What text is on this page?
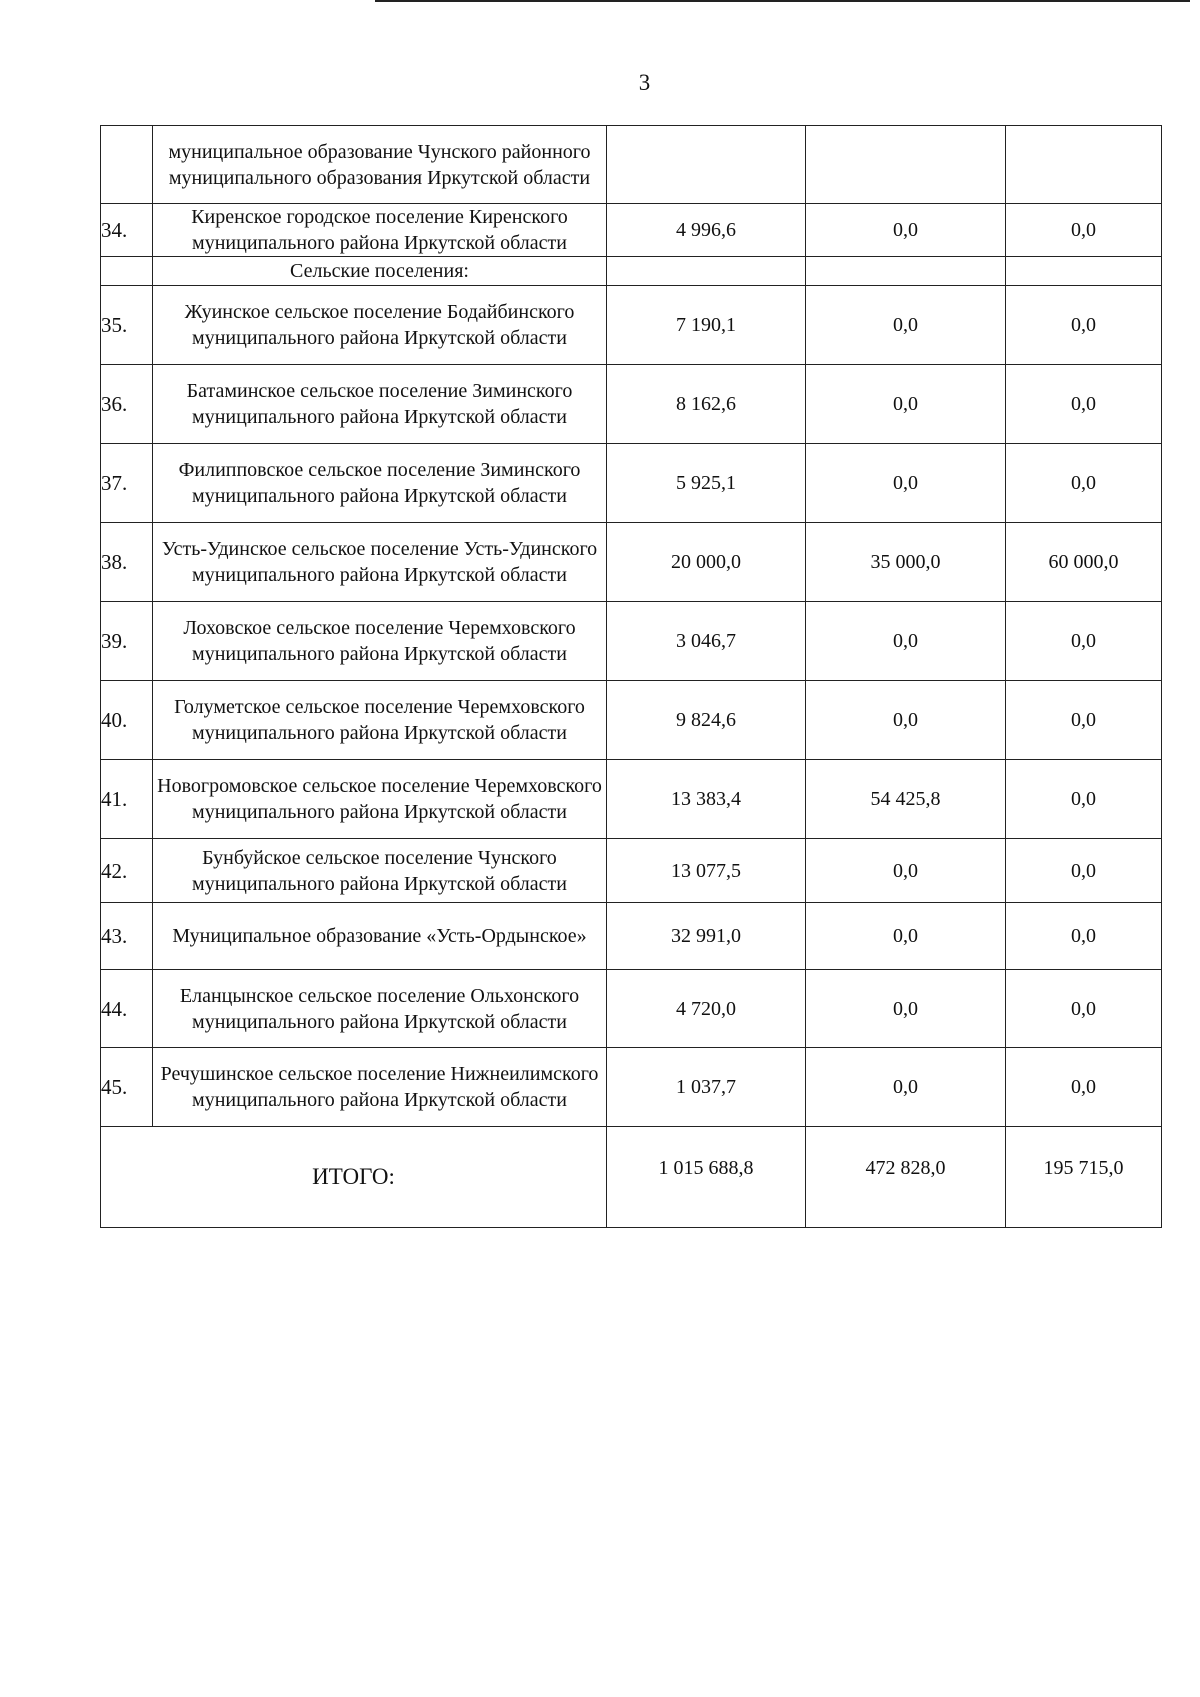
3
	муниципальное образование Чунского районного муниципального образования Иркутской области			
34.	Киренское городское поселение Киренского муниципального района Иркутской области	4 996,6	0,0	0,0
	Сельские поселения:			
35.	Жуинское сельское поселение Бодайбинского муниципального района Иркутской области	7 190,1	0,0	0,0
36.	Батаминское сельское поселение Зиминского муниципального района Иркутской области	8 162,6	0,0	0,0
37.	Филипповское сельское поселение Зиминского муниципального района Иркутской области	5 925,1	0,0	0,0
38.	Усть-Удинское сельское поселение Усть-Удинского муниципального района Иркутской области	20 000,0	35 000,0	60 000,0
39.	Лоховское сельское поселение Черемховского муниципального района Иркутской области	3 046,7	0,0	0,0
40.	Голуметское сельское поселение Черемховского муниципального района Иркутской области	9 824,6	0,0	0,0
41.	Новогромовское сельское поселение Черемховского муниципального района Иркутской области	13 383,4	54 425,8	0,0
42.	Бунбуйское сельское поселение Чунского муниципального района Иркутской области	13 077,5	0,0	0,0
43.	Муниципальное образование «Усть-Ордынское»	32 991,0	0,0	0,0
44.	Еланцынское сельское поселение Ольхонского муниципального района Иркутской области	4 720,0	0,0	0,0
45.	Речушинское сельское поселение Нижнеилимского муниципального района Иркутской области	1 037,7	0,0	0,0
ИТОГО:		1 015 688,8	472 828,0	195 715,0
